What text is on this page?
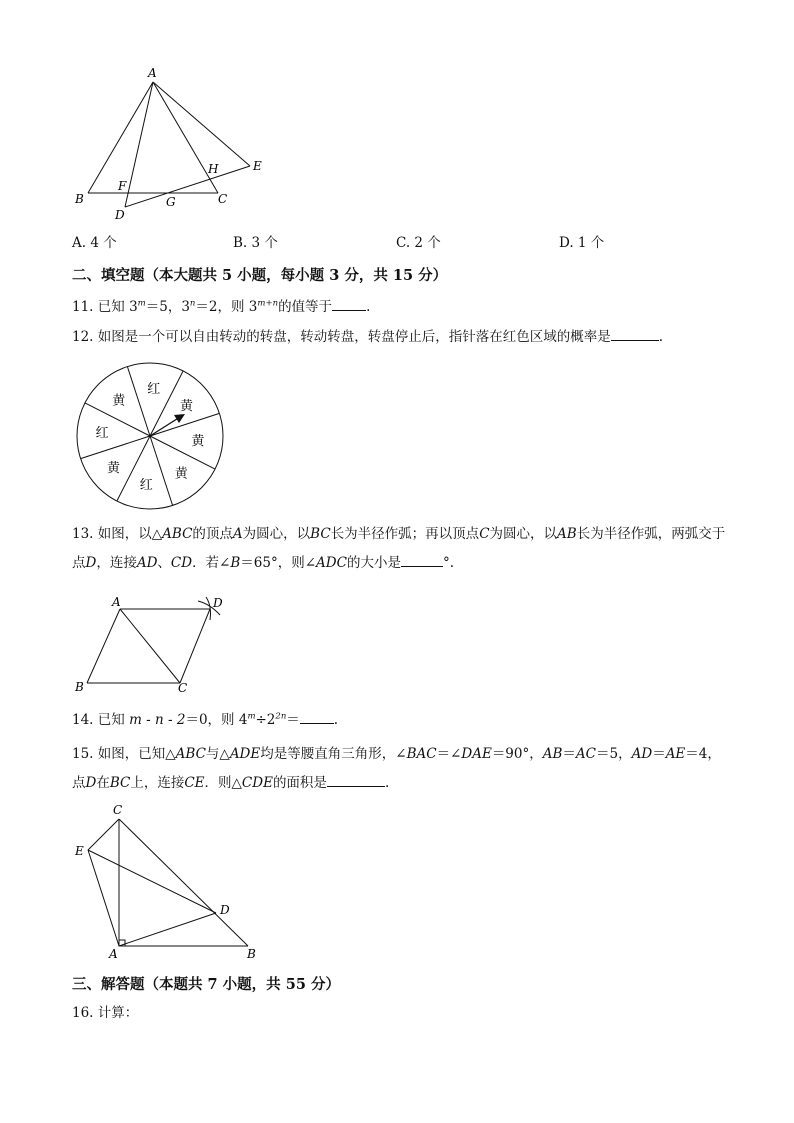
A
B	C
D
E
F
G
H
A. 4 个	B. 3 个	C. 2 个	D. 1 个
二、填空题（本大题共 5 小题，每小题 3 分，共 15 分）
11. 已知 $3^m=5$，$3^n=2$，则 $3^{m+n}$的值等于	.
12. 如图是一个可以自由转动的转盘，转动转盘，转盘停止后，指针落在红色区域的概率是	.
红
黄
黄
黄
红
黄
红
黄
13. 如图，以△ABC的顶点A为圆心，以BC长为半径作弧；再以顶点C为圆心，以AB长为半径作弧，两弧交于点D，连接AD、CD．若∠B＝65°，则∠ADC的大小是	°.
A	D
B	C
14. 已知 m - n - 2＝0，则 $4^m\div 2^{2n}=$	.
15. 如图，已知△ABC与△ADE均是等腰直角三角形，∠BAC＝∠DAE＝90°，AB＝AC＝5，AD＝AE＝4，点D在BC上，连接CE．则△CDE的面积是	.
C
E
D
A	B
三、解答题（本题共 7 小题，共 55 分）
16. 计算：
